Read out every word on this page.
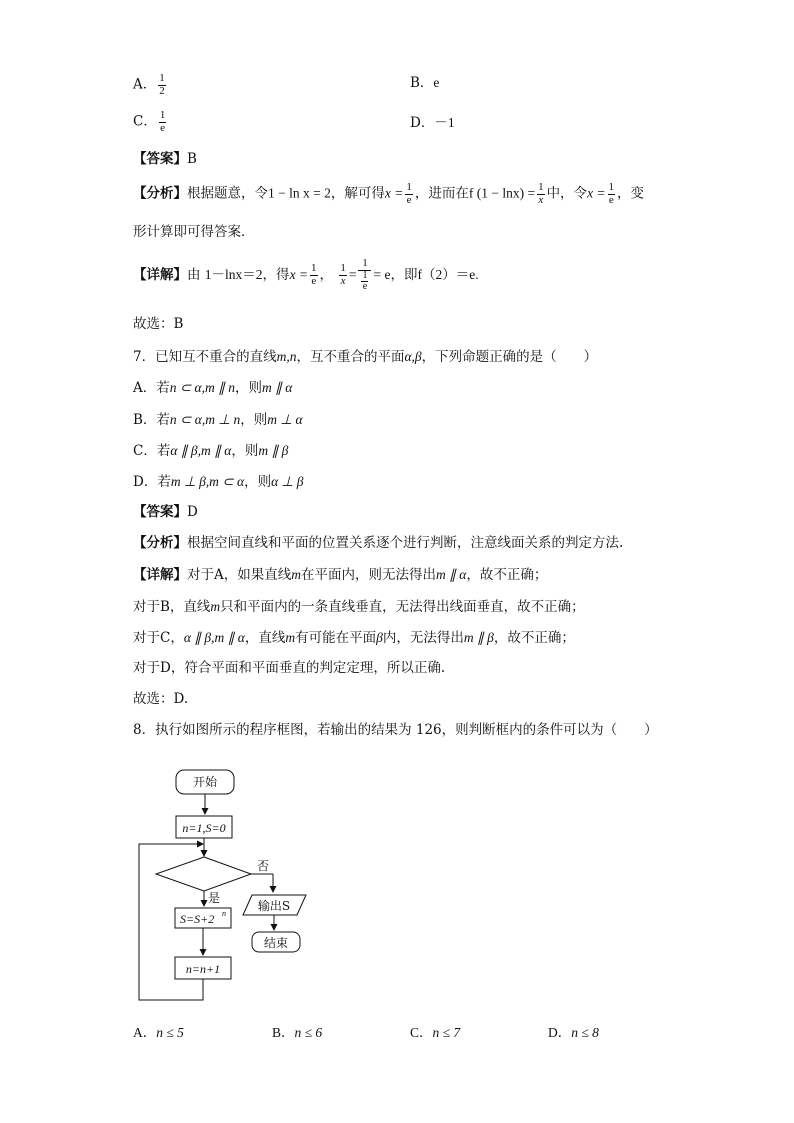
A． $\frac{1}{2}$	B．e
C． $\frac{1}{e}$	D．－1
【答案】B
【分析】根据题意，令1 − ln x = 2，解可得$x = \frac{1}{e}$ ，进而在f $(1 - \ln x) = \frac{1}{x}$ 中，令$x = \frac{1}{e}$ ，变
形计算即可得答案．
【详解】由 1－lnx＝2，得$x = \frac{1}{e}$ ， $\frac{1}{x} = \frac{1}{\frac{1}{e}} = e$，即f（2）＝e.
故选：B
7．已知互不重合的直线m,n，互不重合的平面α,β，下列命题正确的是（　　）
A．若n ⊂ α,m ∥ n，则m ∥ α
B．若n ⊂ α,m ⊥ n，则m ⊥ α
C．若α ∥ β,m ∥ α，则m ∥ β
D．若m ⊥ β,m ⊂ α，则α ⊥ β
【答案】D
【分析】根据空间直线和平面的位置关系逐个进行判断，注意线面关系的判定方法.
【详解】对于A，如果直线m在平面内，则无法得出m ∥ α，故不正确；
对于B，直线m只和平面内的一条直线垂直，无法得出线面垂直，故不正确；
对于C，α ∥ β,m ∥ α，直线m有可能在平面β内，无法得出m ∥ β，故不正确；
对于D，符合平面和平面垂直的判定定理，所以正确.
故选：D.
8．执行如图所示的程序框图，若输出的结果为 126，则判断框内的条件可以为（　　）
开始
n=1,S=0
否
输出S
结束
是
S=S+2 n
n=n+1
A．n ≤ 5	B．n ≤ 6	C．n ≤ 7	D．n ≤ 8
